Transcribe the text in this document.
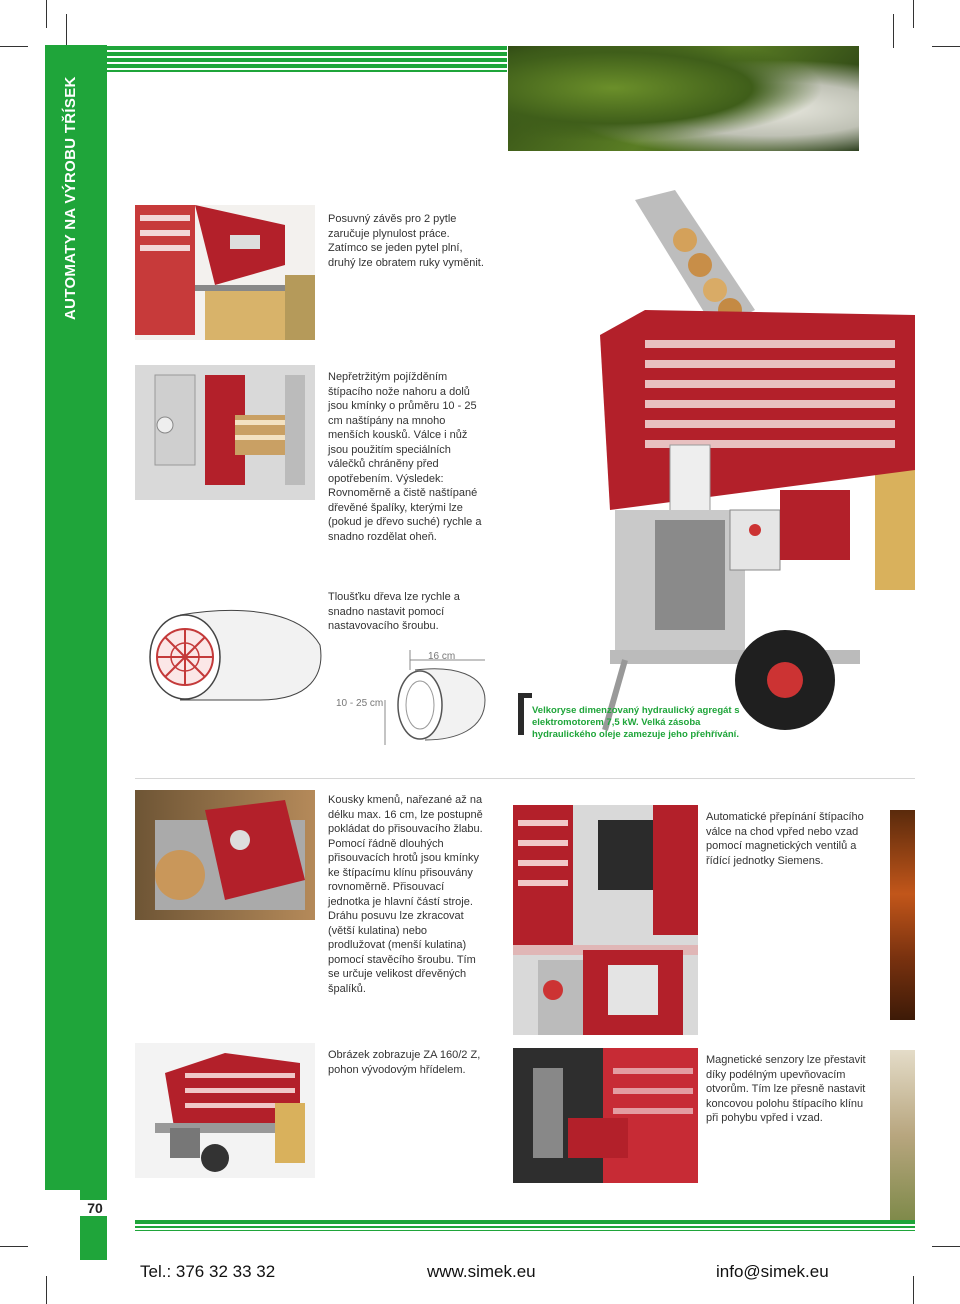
AUTOMATY NA VÝROBU TŘÍSEK	Posuvný závěs pro 2 pytle zaručuje plynulost práce. Zatímco se jeden pytel plní, druhý lze obratem ruky vyměnit.
Nepřetržitým pojížděním štípacího nože nahoru a dolů jsou kmínky o průměru 10 - 25 cm naštípány na mnoho menších kousků. Válce i nůž jsou použitím speciálních válečků chráněny před opotřebením. Výsledek: Rovnoměrně a čistě naštípané dřevěné špalíky, kterými lze (pokud je dřevo suché) rychle a snadno rozdělat oheň.
Tloušťku dřeva lze rychle a snadno nastavit pomocí nastavovacího šroubu.
16 cm
10 - 25 cm
Velkoryse dimenzovaný hydraulický agregát s elektromotorem 7,5 kW. Velká zásoba hydraulického oleje zamezuje jeho přehřívání.
Kousky kmenů, nařezané až na délku max. 16 cm, lze postupně pokládat do přisouvacího žlabu. Pomocí řádně dlouhých přisouvacích hrotů jsou kmínky ke štípacímu klínu přisouvány rovnoměrně. Přisouvací jednotka je hlavní částí stroje. Dráhu posuvu lze zkracovat (větší kulatina) nebo prodlužovat (menší kulatina) pomocí stavěcího šroubu. Tím se určuje velikost dřevěných špalíků.
Automatické přepínání štípacího válce na chod vpřed nebo vzad pomocí magnetických ventilů a řídící jednotky Siemens.
Obrázek zobrazuje ZA 160/2 Z, pohon vývodovým hřídelem.
Magnetické senzory lze přestavit díky podélným upevňovacím otvorům. Tím lze přesně nastavit koncovou polohu štípacího klínu při pohybu vpřed i vzad.
70
Tel.: 376 32 33 32	www.simek.eu	info@simek.eu
